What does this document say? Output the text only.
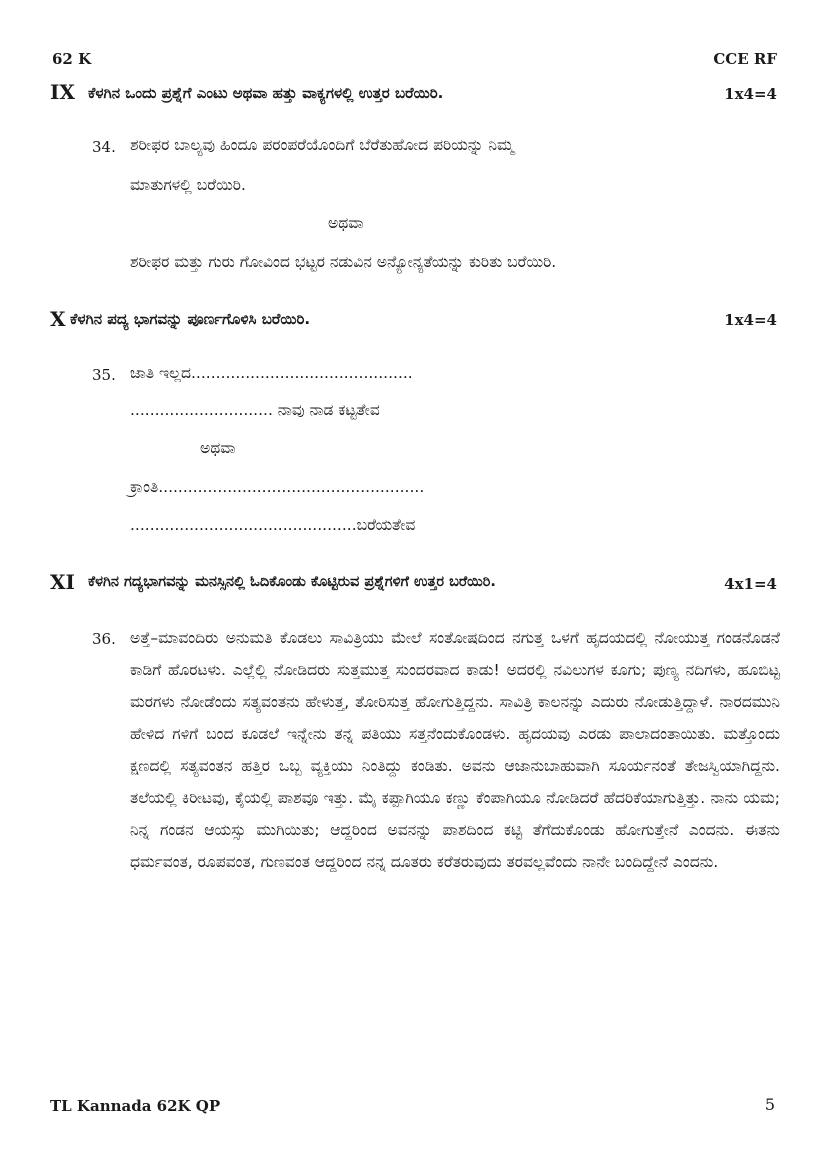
62 K	CCE RF
IX ಕೆಳಗಿನ ಒಂದು ಪ್ರಶ್ನೆಗೆ ಎಂಟು ಅಥವಾ ಹತ್ತು ವಾಕ್ಯಗಳಲ್ಲಿ ಉತ್ತರ ಬರೆಯಿರಿ.	1x4=4
34. ಶರೀಫರ ಬಾಲ್ಯವು ಹಿಂದೂ ಪರಂಪರೆಯೊಂದಿಗೆ ಬೆರೆತುಹೋದ ಪರಿಯನ್ನು ನಿಮ್ಮ
ಮಾತುಗಳಲ್ಲಿ ಬರೆಯಿರಿ.
ಅಥವಾ
ಶರೀಫರ ಮತ್ತು ಗುರು ಗೋವಿಂದ ಭಟ್ಟರ ನಡುವಿನ ಅನ್ಯೋನ್ಯತೆಯನ್ನು ಕುರಿತು ಬರೆಯಿರಿ.
X ಕೆಳಗಿನ ಪದ್ಯ ಭಾಗವನ್ನು ಪೂರ್ಣಗೊಳಿಸಿ ಬರೆಯಿರಿ.	1x4=4
35. ಜಾತಿ ಇಲ್ಲದ.............................................
............................. ನಾವು ನಾಡ ಕಟ್ಟತೇವ
ಅಥವಾ
ಕ್ರಾಂತಿ......................................................
..............................................ಬರೆಯತೇವ
XI ಕೆಳಗಿನ ಗದ್ಯಭಾಗವನ್ನು ಮನಸ್ಸಿನಲ್ಲಿ ಓದಿಕೊಂಡು ಕೊಟ್ಟಿರುವ ಪ್ರಶ್ನೆಗಳಿಗೆ ಉತ್ತರ ಬರೆಯಿರಿ.	4x1=4
36. ಅತ್ತೆ–ಮಾವಂದಿರು ಅನುಮತಿ ಕೊಡಲು ಸಾವಿತ್ರಿಯು ಮೇಲೆ ಸಂತೋಷದಿಂದ ನಗುತ್ತ ಒಳಗೆ ಹೃದಯದಲ್ಲಿ ನೋಯುತ್ತ ಗಂಡನೊಡನೆ ಕಾಡಿಗೆ ಹೊರಟಳು. ಎಲ್ಲೆಲ್ಲಿ ನೋಡಿದರು ಸುತ್ತಮುತ್ತ ಸುಂದರವಾದ ಕಾಡು! ಅದರಲ್ಲಿ ನವಿಲುಗಳ ಕೂಗು; ಪುಣ್ಯ ನದಿಗಳು, ಹೂಬಿಟ್ಟ ಮರಗಳು ನೋಡೆಂದು ಸತ್ಯವಂತನು ಹೇಳುತ್ತ, ತೋರಿಸುತ್ತ ಹೋಗುತ್ತಿದ್ದನು. ಸಾವಿತ್ರಿ ಕಾಲನನ್ನು ಎದುರು ನೋಡುತ್ತಿದ್ದಾಳೆ. ನಾರದಮುನಿ ಹೇಳಿದ ಗಳಿಗೆ ಬಂದ ಕೂಡಲೆ ಇನ್ನೇನು ತನ್ನ ಪತಿಯು ಸತ್ತನೆಂದುಕೊಂಡಳು. ಹೃದಯವು ಎರಡು ಪಾಲಾದಂತಾಯಿತು. ಮತ್ತೊಂದು ಕ್ಷಣದಲ್ಲಿ ಸತ್ಯವಂತನ ಹತ್ತಿರ ಒಬ್ಬ ವ್ಯಕ್ತಿಯು ನಿಂತಿದ್ದು ಕಂಡಿತು. ಅವನು ಆಜಾನುಬಾಹುವಾಗಿ ಸೂರ್ಯನಂತೆ ತೇಜಸ್ವಿಯಾಗಿದ್ದನು. ತಲೆಯಲ್ಲಿ ಕಿರೀಟವು, ಕೈಯಲ್ಲಿ ಪಾಶವೂ ಇತ್ತು. ಮೈ ಕಪ್ಪಾಗಿಯೂ ಕಣ್ಣು ಕೆಂಪಾಗಿಯೂ ನೋಡಿದರೆ ಹೆದರಿಕೆಯಾಗುತ್ತಿತ್ತು. ನಾನು ಯಮ; ನಿನ್ನ ಗಂಡನ ಆಯಸ್ಸು ಮುಗಿಯಿತು; ಆದ್ದರಿಂದ ಅವನನ್ನು ಪಾಶದಿಂದ ಕಟ್ಟಿ ತೆಗೆದುಕೊಂಡು ಹೋಗುತ್ತೇನೆ ಎಂದನು. ಈತನು ಧರ್ಮವಂತ, ರೂಪವಂತ, ಗುಣವಂತ ಆದ್ದರಿಂದ ನನ್ನ ದೂತರು ಕರೆತರುವುದು ತರವಲ್ಲವೆಂದು ನಾನೇ ಬಂದಿದ್ದೇನೆ ಎಂದನು.
TL Kannada 62K QP	5
